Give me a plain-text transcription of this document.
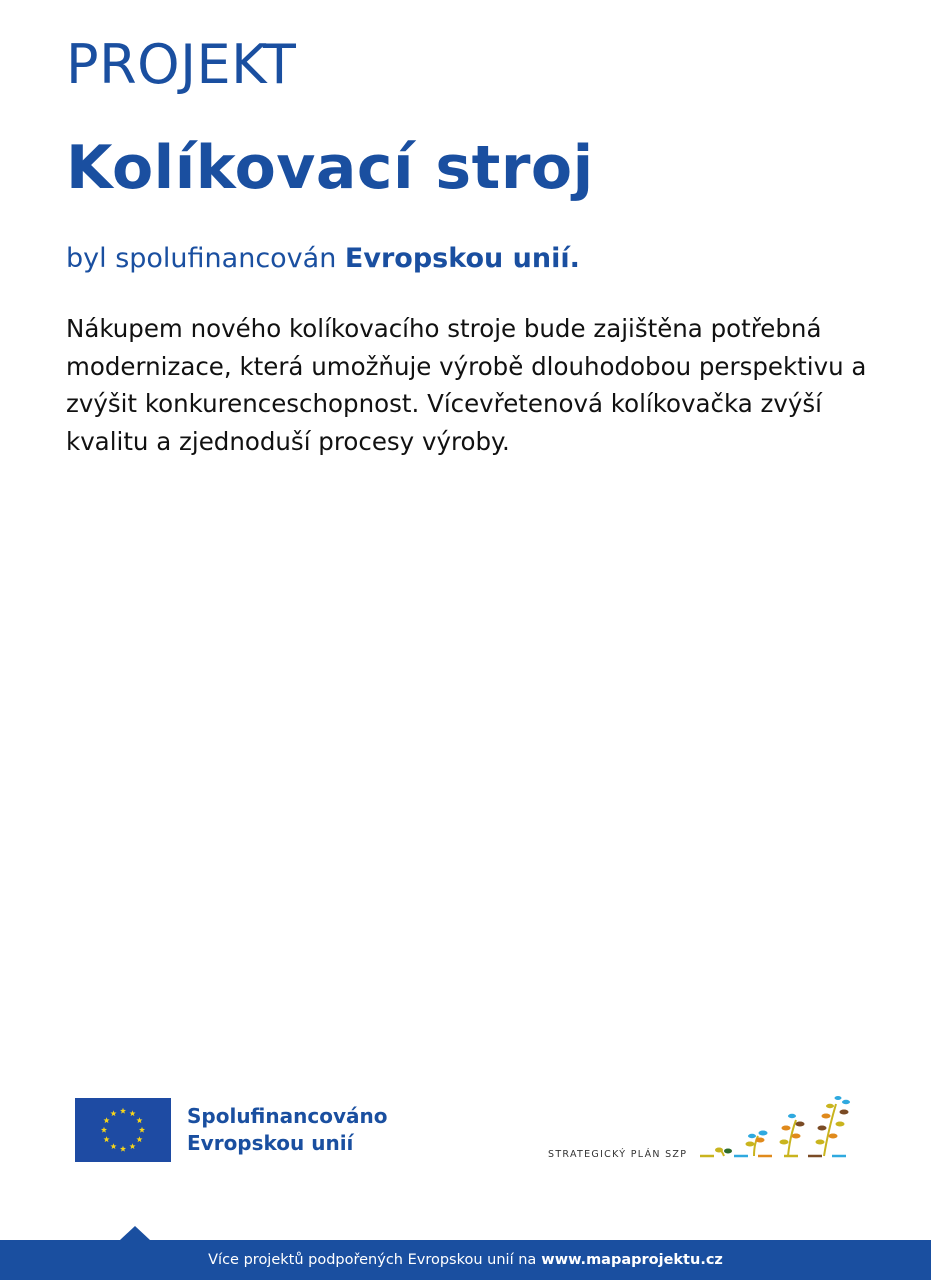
PROJEKT
Kolíkovací stroj
byl spolufinancován Evropskou unií.
Nákupem nového kolíkovacího stroje bude zajištěna potřebná modernizace, která umožňuje výrobě dlouhodobou perspektivu a zvýšit konkurenceschopnost. Vícevřetenová kolíkovačka zvýší kvalitu a zjednoduší procesy výroby.
Spolufinancováno
Evropskou unií	STRATEGICKÝ PLÁN SZP
Více projektů podpořených Evropskou unií na www.mapaprojektu.cz
